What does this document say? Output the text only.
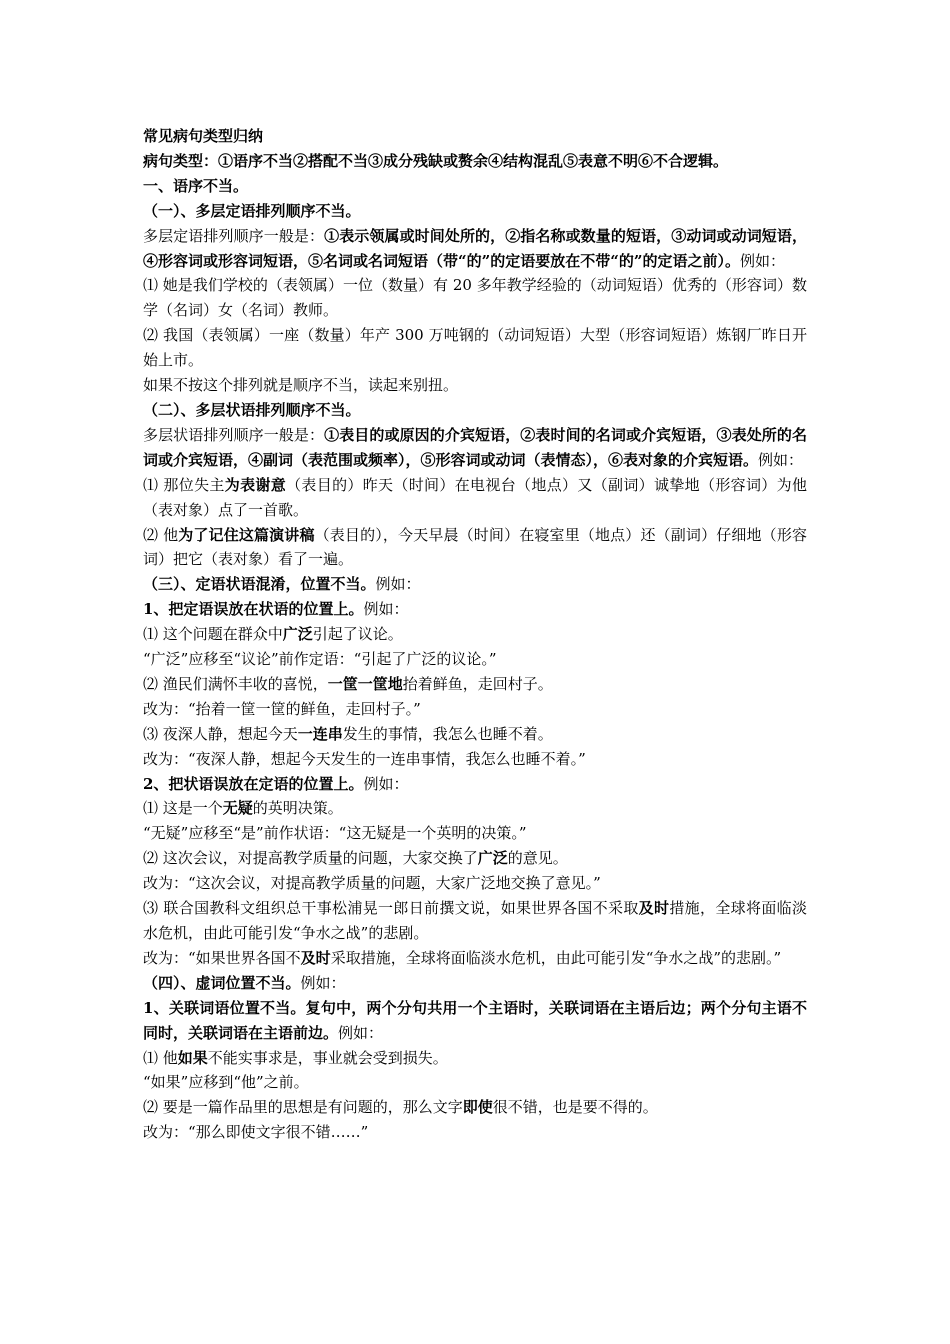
常见病句类型归纳

病句类型：①语序不当②搭配不当③成分残缺或赘余④结构混乱⑤表意不明⑥不合逻辑。

一、语序不当。

（一）、多层定语排列顺序不当。

多层定语排列顺序一般是：①表示领属或时间处所的，②指名称或数量的短语，③动词或动词短语，④形容词或形容词短语，⑤名词或名词短语（带“的”的定语要放在不带“的”的定语之前）。例如：

⑴ 她是我们学校的（表领属）一位（数量）有 20 多年教学经验的（动词短语）优秀的（形容词）数学（名词）女（名词）教师。

⑵ 我国（表领属）一座（数量）年产 300 万吨钢的（动词短语）大型（形容词短语）炼钢厂昨日开始上市。

如果不按这个排列就是顺序不当，读起来别扭。

（二）、多层状语排列顺序不当。

多层状语排列顺序一般是：①表目的或原因的介宾短语，②表时间的名词或介宾短语，③表处所的名词或介宾短语，④副词（表范围或频率），⑤形容词或动词（表情态），⑥表对象的介宾短语。例如：

⑴ 那位失主为表谢意（表目的）昨天（时间）在电视台（地点）又（副词）诚挚地（形容词）为他（表对象）点了一首歌。

⑵ 他为了记住这篇演讲稿（表目的），今天早晨（时间）在寝室里（地点）还（副词）仔细地（形容词）把它（表对象）看了一遍。

（三）、定语状语混淆，位置不当。例如：

1、把定语误放在状语的位置上。例如：

⑴ 这个问题在群众中广泛引起了议论。

“广泛”应移至“议论”前作定语：“引起了广泛的议论。”

⑵ 渔民们满怀丰收的喜悦，一筐一筐地抬着鲜鱼，走回村子。

改为：“抬着一筐一筐的鲜鱼，走回村子。”

⑶ 夜深人静，想起今天一连串发生的事情，我怎么也睡不着。

改为：“夜深人静，想起今天发生的一连串事情，我怎么也睡不着。”

2、把状语误放在定语的位置上。例如：

⑴ 这是一个无疑的英明决策。

“无疑”应移至“是”前作状语：“这无疑是一个英明的决策。”

⑵ 这次会议，对提高教学质量的问题，大家交换了广泛的意见。

改为：“这次会议，对提高教学质量的问题，大家广泛地交换了意见。”

⑶ 联合国教科文组织总干事松浦晃一郎日前撰文说，如果世界各国不采取及时措施，全球将面临淡水危机，由此可能引发“争水之战”的悲剧。

改为：“如果世界各国不及时采取措施，全球将面临淡水危机，由此可能引发“争水之战”的悲剧。”

（四）、虚词位置不当。例如：

1、关联词语位置不当。复句中，两个分句共用一个主语时，关联词语在主语后边；两个分句主语不同时，关联词语在主语前边。例如：

⑴ 他如果不能实事求是，事业就会受到损失。

“如果”应移到“他”之前。

⑵ 要是一篇作品里的思想是有问题的，那么文字即使很不错，也是要不得的。

改为：“那么即使文字很不错……”
